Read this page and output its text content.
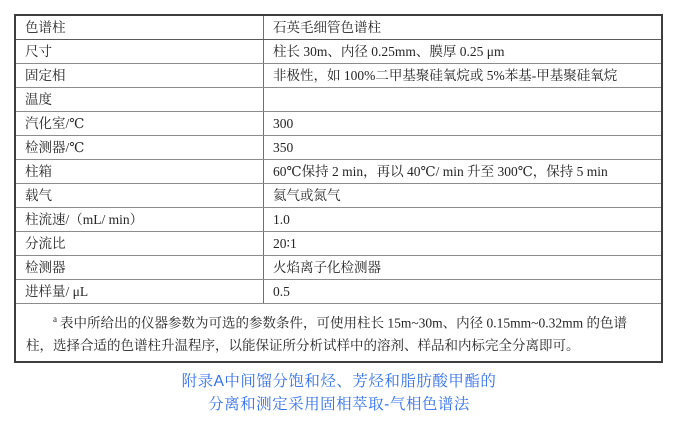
色谱柱	石英毛细管色谱柱
尺寸	柱长 30m、内径 0.25mm、膜厚 0.25 μm
固定相	非极性，如 100%二甲基聚硅氧烷或 5%苯基-甲基聚硅氧烷
温度
汽化室/℃	300
检测器/℃	350
柱箱	60℃保持 2 min，再以 40℃/ min 升至 300℃，保持 5 min
载气	氦气或氮气
柱流速/（mL/ min）	1.0
分流比	20∶1
检测器	火焰离子化检测器
进样量/ μL	0.5

$^a$ 表中所给出的仪器参数为可选的参数条件，可使用柱长 15m~30m、内径 0.15mm~0.32mm 的色谱柱，选择合适的色谱柱升温程序，以能保证所分析试样中的溶剂、样品和内标完全分离即可。

附录A中间馏分饱和烃、芳烃和脂肪酸甲酯的
分离和测定采用固相萃取-气相色谱法
